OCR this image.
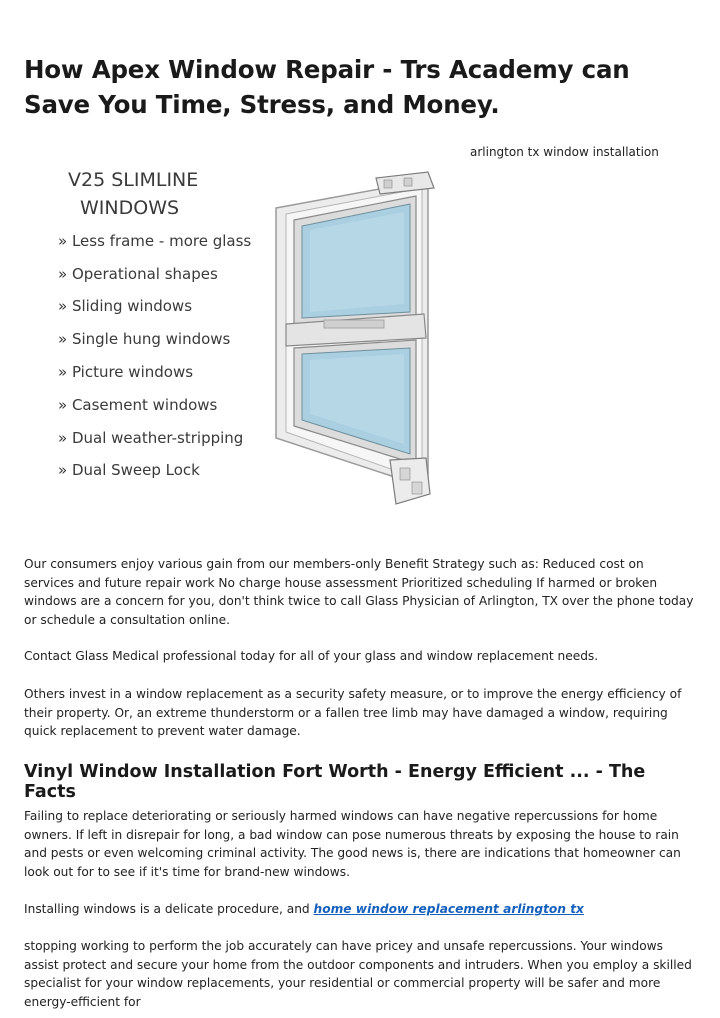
How Apex Window Repair - Trs Academy can Save You Time, Stress, and Money.
V25 SLIMLINE
WINDOWS
» Less frame - more glass
» Operational shapes
» Sliding windows
» Single hung windows
» Picture windows
» Casement windows
» Dual weather-stripping
» Dual Sweep Lock
arlington tx window installation

Our consumers enjoy various gain from our members-only Benefit Strategy such as: Reduced cost on services and future repair work No charge house assessment Prioritized scheduling If harmed or broken windows are a concern for you, don't think twice to call Glass Physician of Arlington, TX over the phone today or schedule a consultation online.

Contact Glass Medical professional today for all of your glass and window replacement needs.

Others invest in a window replacement as a security safety measure, or to improve the energy efficiency of their property. Or, an extreme thunderstorm or a fallen tree limb may have damaged a window, requiring quick replacement to prevent water damage.

Vinyl Window Installation Fort Worth - Energy Efficient ... - The Facts

Failing to replace deteriorating or seriously harmed windows can have negative repercussions for home owners. If left in disrepair for long, a bad window can pose numerous threats by exposing the house to rain and pests or even welcoming criminal activity. The good news is, there are indications that homeowner can look out for to see if it's time for brand-new windows.

Installing windows is a delicate procedure, and home window replacement arlington tx

stopping working to perform the job accurately can have pricey and unsafe repercussions. Your windows assist protect and secure your home from the outdoor components and intruders. When you employ a skilled specialist for your window replacements, your residential or commercial property will be safer and more energy-efficient for
